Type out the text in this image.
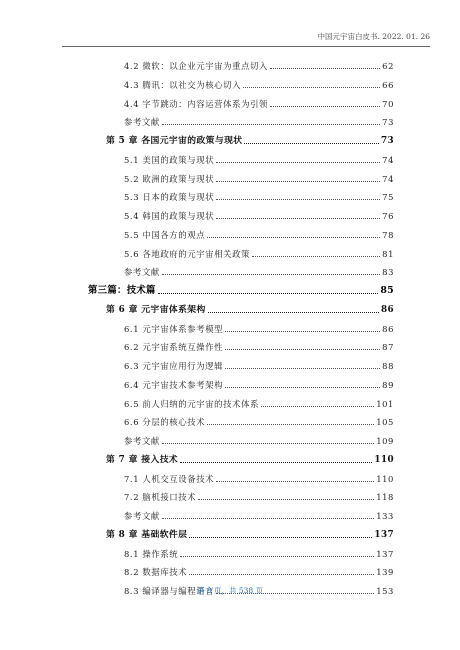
中国元宇宙白皮书. 2022. 01. 26
4.2 微软：以企业元宇宙为重点切入	62
4.3 腾讯：以社交为核心切入	66
4.4 字节跳动：内容运营体系为引领	70
参考文献	73
第 5 章 各国元宇宙的政策与现状	73
5.1 美国的政策与现状	74
5.2 欧洲的政策与现状	74
5.3 日本的政策与现状	75
5.4 韩国的政策与现状	76
5.5 中国各方的观点	78
5.6 各地政府的元宇宙相关政策	81
参考文献	83
第三篇：技术篇	85
第 6 章 元宇宙体系架构	86
6.1 元宇宙体系参考模型	86
6.2 元宇宙系统互操作性	87
6.3 元宇宙应用行为逻辑	88
6.4 元宇宙技术参考架构	89
6.5 前人归纳的元宇宙的技术体系	101
6.6 分层的核心技术	105
参考文献	109
第 7 章 接入技术	110
7.1 人机交互设备技术	110
7.2 脑机接口技术	118
参考文献	133
第 8 章 基础软件层	137
8.1 操作系统	137
8.2 数据库技术	139
8.3 编译器与编程语言	153
第 8 页，共 538 页
